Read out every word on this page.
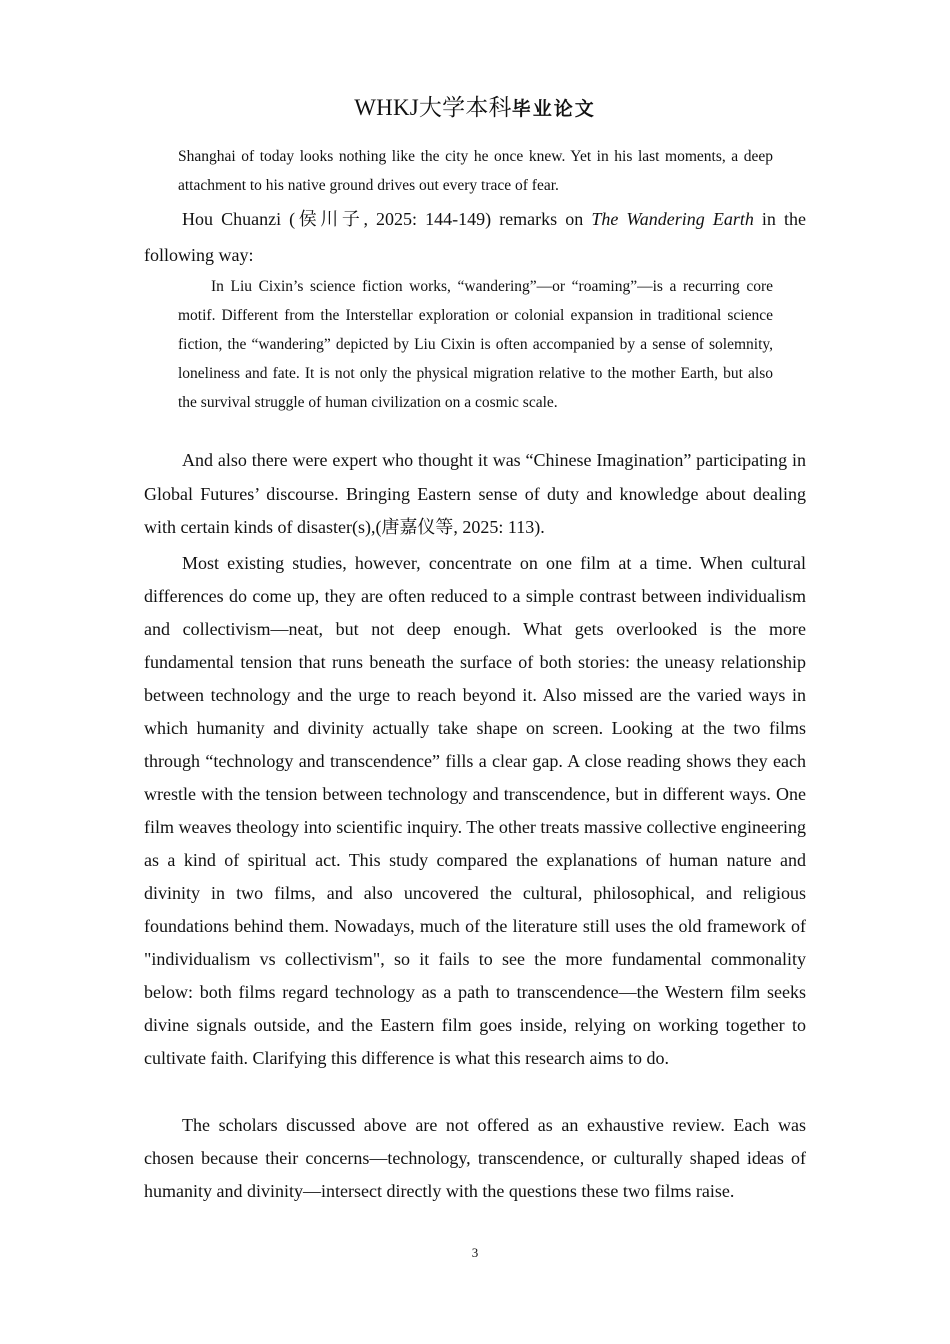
WHKJ大学本科毕业论文

Shanghai of today looks nothing like the city he once knew. Yet in his last moments, a deep attachment to his native ground drives out every trace of fear.

Hou Chuanzi (侯川子, 2025: 144-149) remarks on The Wandering Earth in the following way:

In Liu Cixin’s science fiction works, “wandering”—or “roaming”—is a recurring core motif. Different from the Interstellar exploration or colonial expansion in traditional science fiction, the “wandering” depicted by Liu Cixin is often accompanied by a sense of solemnity, loneliness and fate. It is not only the physical migration relative to the mother Earth, but also the survival struggle of human civilization on a cosmic scale.

And also there were expert who thought it was “Chinese Imagination” participating in Global Futures’ discourse. Bringing Eastern sense of duty and knowledge about dealing with certain kinds of disaster(s),(唐嘉仪等, 2025: 113).

Most existing studies, however, concentrate on one film at a time. When cultural differences do come up, they are often reduced to a simple contrast between individualism and collectivism—neat, but not deep enough. What gets overlooked is the more fundamental tension that runs beneath the surface of both stories: the uneasy relationship between technology and the urge to reach beyond it. Also missed are the varied ways in which humanity and divinity actually take shape on screen. Looking at the two films through “technology and transcendence” fills a clear gap. A close reading shows they each wrestle with the tension between technology and transcendence, but in different ways. One film weaves theology into scientific inquiry. The other treats massive collective engineering as a kind of spiritual act. This study compared the explanations of human nature and divinity in two films, and also uncovered the cultural, philosophical, and religious foundations behind them. Nowadays, much of the literature still uses the old framework of "individualism vs collectivism", so it fails to see the more fundamental commonality below: both films regard technology as a path to transcendence—the Western film seeks divine signals outside, and the Eastern film goes inside, relying on working together to cultivate faith. Clarifying this difference is what this research aims to do.

The scholars discussed above are not offered as an exhaustive review. Each was chosen because their concerns—technology, transcendence, or culturally shaped ideas of humanity and divinity—intersect directly with the questions these two films raise.

3
